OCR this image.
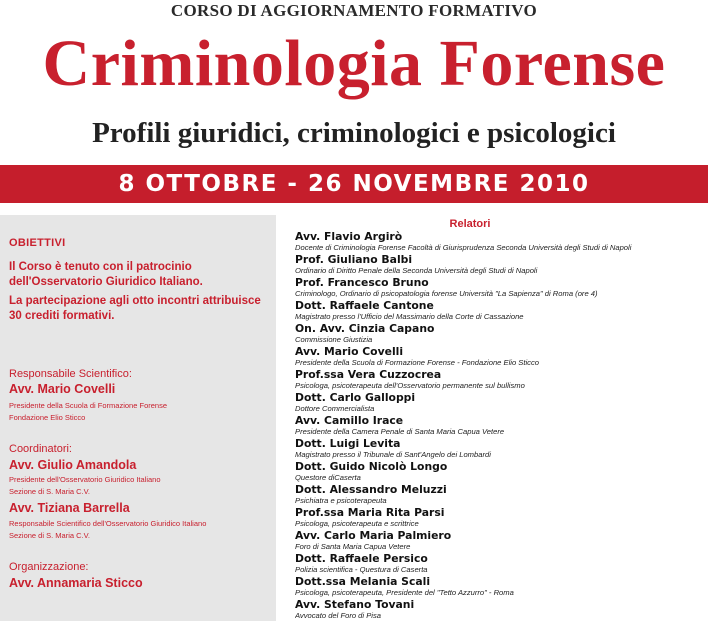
CORSO DI AGGIORNAMENTO FORMATIVO
Criminologia Forense
Profili giuridici, criminologici e psicologici
8 OTTOBRE - 26 NOVEMBRE 2010
OBIETTIVI
Il Corso è tenuto con il patrocinio dell'Osservatorio Giuridico Italiano.
La partecipazione agli otto incontri attribuisce 30 crediti formativi.
Responsabile Scientifico:
Avv. Mario Covelli
Presidente della Scuola di Formazione Forense
Fondazione Elio Sticco
Coordinatori:
Avv. Giulio Amandola
Presidente dell'Osservatorio Giuridico Italiano
Sezione di S. Maria C.V.
Avv. Tiziana Barrella
Responsabile Scientifico dell'Osservatorio Giuridico Italiano
Sezione di S. Maria C.V.
Organizzazione:
Avv. Annamaria Sticco
Relatori
Avv. Flavio Argirò
Docente di Criminologia Forense Facoltà di Giurisprudenza Seconda Università degli Studi di Napoli
Prof. Giuliano Balbi
Ordinario di Diritto Penale della Seconda Università degli Studi di Napoli
Prof. Francesco Bruno
Criminologo, Ordinario di psicopatologia forense Università "La Sapienza" di Roma (ore 4)
Dott. Raffaele Cantone
Magistrato presso l'Ufficio del Massimario della Corte di Cassazione
On. Avv. Cinzia Capano
Commissione Giustizia
Avv. Mario Covelli
Presidente della Scuola di Formazione Forense - Fondazione Elio Sticco
Prof.ssa Vera Cuzzocrea
Psicologa, psicoterapeuta dell'Osservatorio permanente sul bullismo
Dott. Carlo Galloppi
Dottore Commercialista
Avv. Camillo Irace
Presidente della Camera Penale di Santa Maria Capua Vetere
Dott. Luigi Levita
Magistrato presso il Tribunale di Sant'Angelo dei Lombardi
Dott. Guido Nicolò Longo
Questore diCaserta
Dott. Alessandro Meluzzi
Psichiatra e psicoterapeuta
Prof.ssa Maria Rita Parsi
Psicologa, psicoterapeuta e scrittrice
Avv. Carlo Maria Palmiero
Foro di Santa Maria Capua Vetere
Dott. Raffaele Persico
Polizia scientifica - Questura di Caserta
Dott.ssa Melania Scali
Psicologa, psicoterapeuta, Presidente del "Tetto Azzurro" - Roma
Avv. Stefano Tovani
Avvocato del Foro di Pisa
